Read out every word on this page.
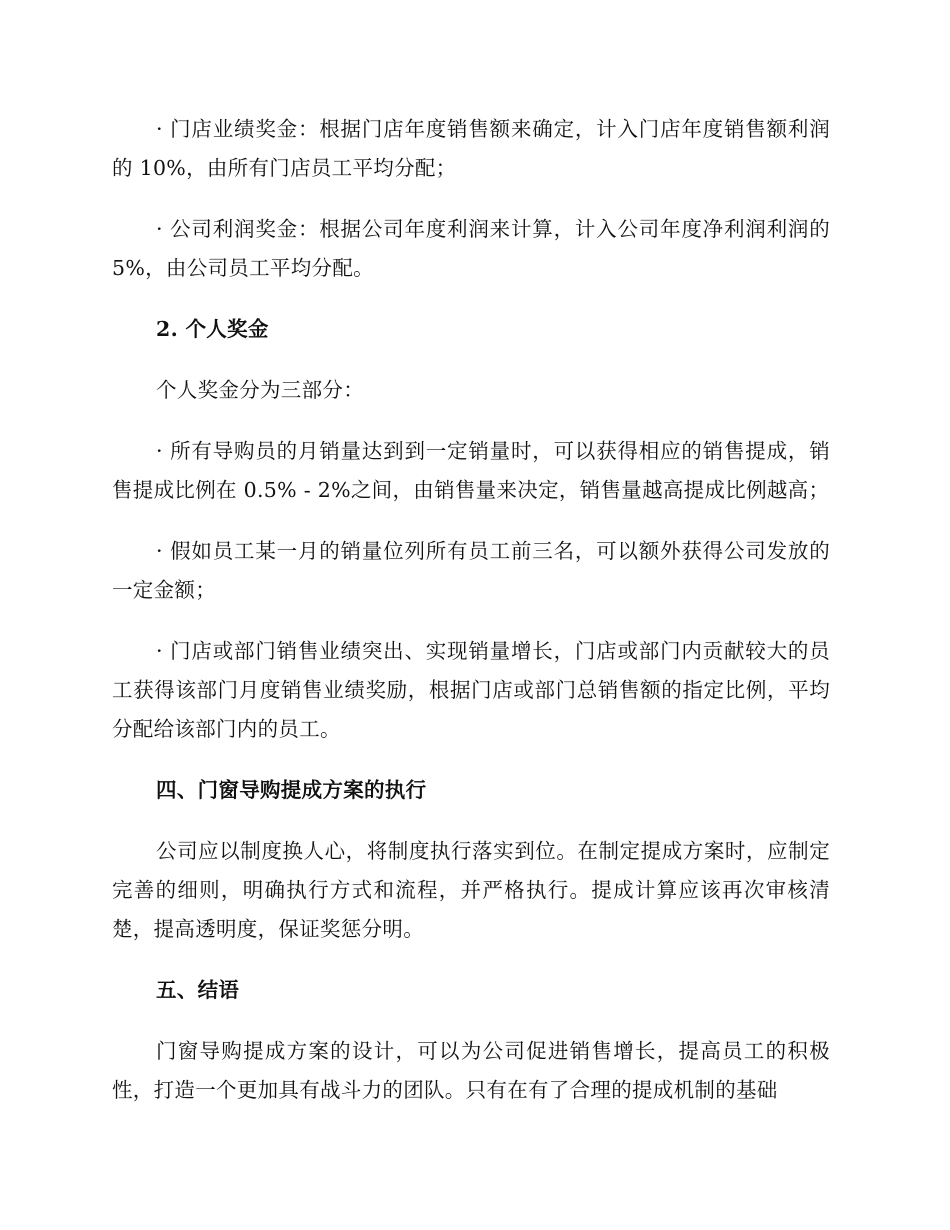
· 门店业绩奖金：根据门店年度销售额来确定，计入门店年度销售额利润的 10%，由所有门店员工平均分配；

· 公司利润奖金：根据公司年度利润来计算，计入公司年度净利润利润的 5%，由公司员工平均分配。

2. 个人奖金

个人奖金分为三部分：

· 所有导购员的月销量达到到一定销量时，可以获得相应的销售提成，销售提成比例在 0.5% - 2%之间，由销售量来决定，销售量越高提成比例越高；

· 假如员工某一月的销量位列所有员工前三名，可以额外获得公司发放的一定金额；

· 门店或部门销售业绩突出、实现销量增长，门店或部门内贡献较大的员工获得该部门月度销售业绩奖励，根据门店或部门总销售额的指定比例，平均分配给该部门内的员工。

四、门窗导购提成方案的执行

公司应以制度换人心，将制度执行落实到位。在制定提成方案时，应制定完善的细则，明确执行方式和流程，并严格执行。提成计算应该再次审核清楚，提高透明度，保证奖惩分明。

五、结语

门窗导购提成方案的设计，可以为公司促进销售增长，提高员工的积极性，打造一个更加具有战斗力的团队。只有在有了合理的提成机制的基础
